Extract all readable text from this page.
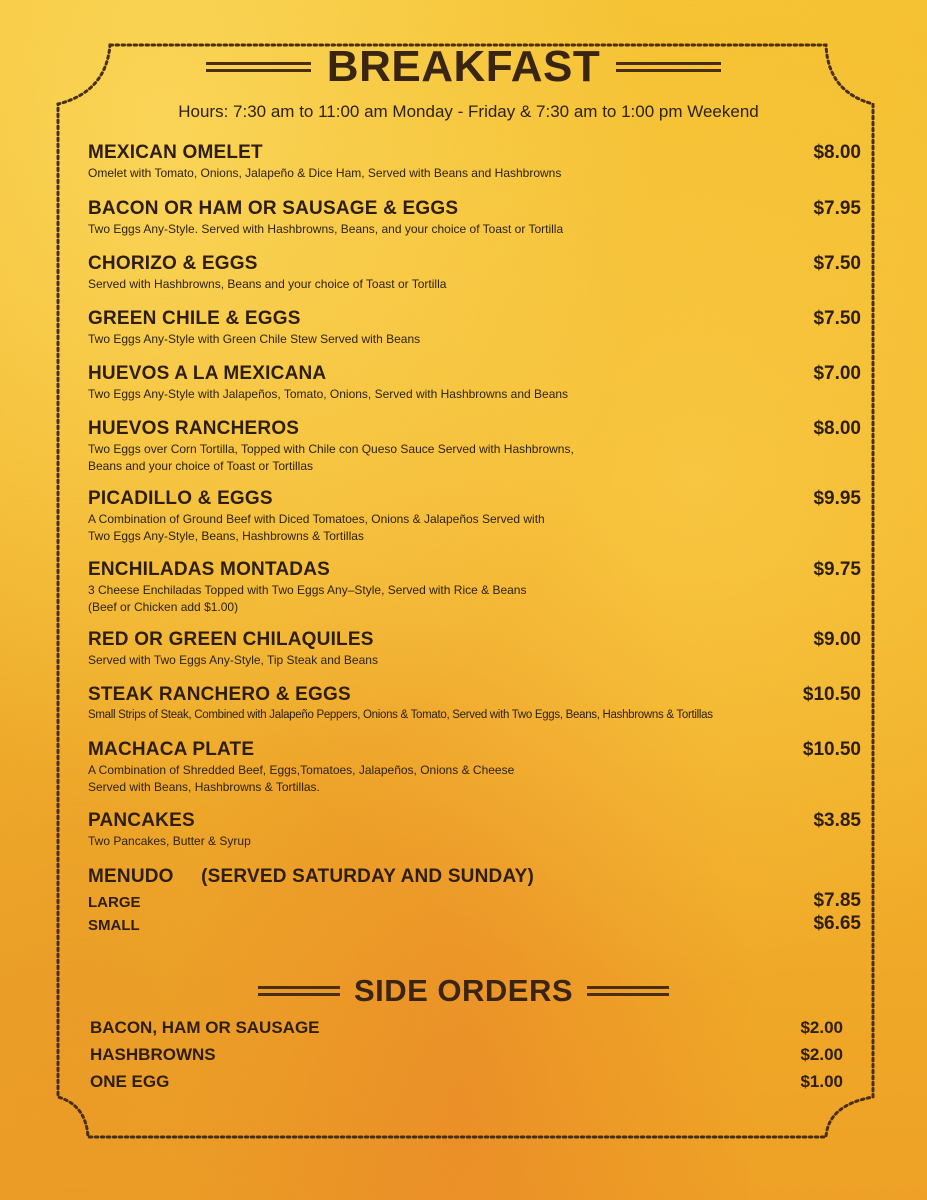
BREAKFAST
Hours: 7:30 am to 11:00 am Monday - Friday & 7:30 am to 1:00 pm Weekend
MEXICAN OMELET	$8.00
Omelet with Tomato, Onions, Jalapeño & Dice Ham, Served with Beans and Hashbrowns
BACON OR HAM OR SAUSAGE & EGGS	$7.95
Two Eggs Any-Style. Served with Hashbrowns, Beans, and your choice of Toast or Tortilla
CHORIZO & EGGS	$7.50
Served with Hashbrowns, Beans and your choice of Toast or Tortilla
GREEN CHILE & EGGS	$7.50
Two Eggs Any-Style with Green Chile Stew Served with Beans
HUEVOS A LA MEXICANA	$7.00
Two Eggs Any-Style with Jalapeños, Tomato, Onions, Served with Hashbrowns and Beans
HUEVOS RANCHEROS	$8.00
Two Eggs over Corn Tortilla, Topped with Chile con Queso Sauce Served with Hashbrowns,
Beans and your choice of Toast or Tortillas
PICADILLO & EGGS	$9.95
A Combination of Ground Beef with Diced Tomatoes, Onions & Jalapeños Served with
Two Eggs Any-Style, Beans, Hashbrowns & Tortillas
ENCHILADAS MONTADAS	$9.75
3 Cheese Enchiladas Topped with Two Eggs Any–Style, Served with Rice & Beans
(Beef or Chicken add $1.00)
RED OR GREEN CHILAQUILES	$9.00
Served with Two Eggs Any-Style, Tip Steak and Beans
STEAK RANCHERO & EGGS	$10.50
Small Strips of Steak, Combined with Jalapeño Peppers, Onions & Tomato, Served with Two Eggs, Beans, Hashbrowns & Tortillas
MACHACA PLATE	$10.50
A Combination of Shredded Beef, Eggs,Tomatoes, Jalapeños, Onions & Cheese
Served with Beans, Hashbrowns & Tortillas.
PANCAKES	$3.85
Two Pancakes, Butter & Syrup
MENUDO (SERVED SATURDAY AND SUNDAY)
LARGE	$7.85
SMALL	$6.65
SIDE ORDERS
BACON, HAM OR SAUSAGE	$2.00
HASHBROWNS	$2.00
ONE EGG	$1.00
